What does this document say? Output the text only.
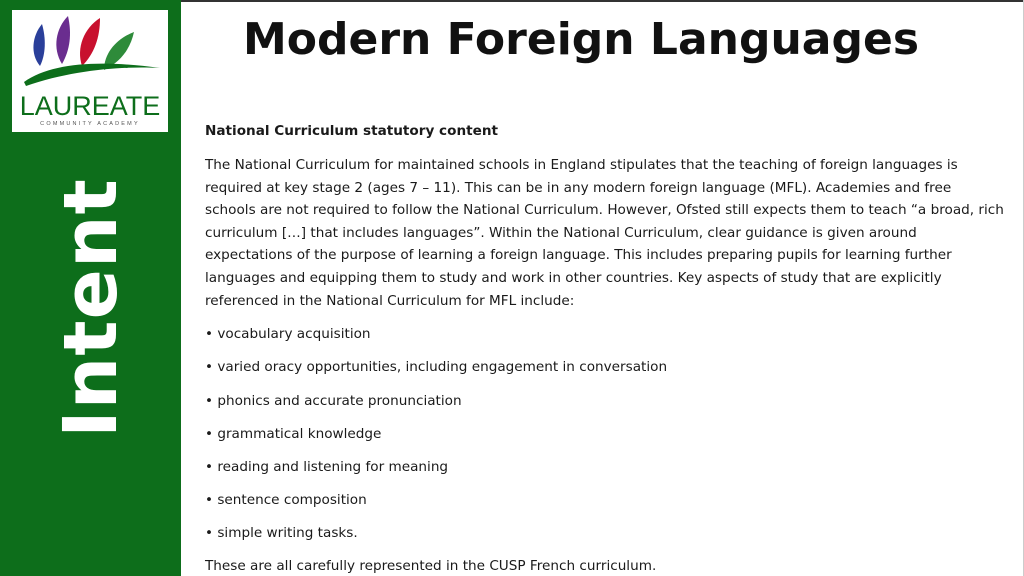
LAUREATE
COMMUNITY ACADEMY
Intent
Modern Foreign Languages
National Curriculum statutory content

The National Curriculum for maintained schools in England stipulates that the teaching of foreign languages is required at key stage 2 (ages 7 – 11). This can be in any modern foreign language (MFL). Academies and free schools are not required to follow the National Curriculum. However, Ofsted still expects them to teach “a broad, rich curriculum […] that includes languages”. Within the National Curriculum, clear guidance is given around expectations of the purpose of learning a foreign language. This includes preparing pupils for learning further languages and equipping them to study and work in other countries. Key aspects of study that are explicitly referenced in the National Curriculum for MFL include:

• vocabulary acquisition
• varied oracy opportunities, including engagement in conversation
• phonics and accurate pronunciation
• grammatical knowledge
• reading and listening for meaning
• sentence composition
• simple writing tasks.

These are all carefully represented in the CUSP French curriculum.
